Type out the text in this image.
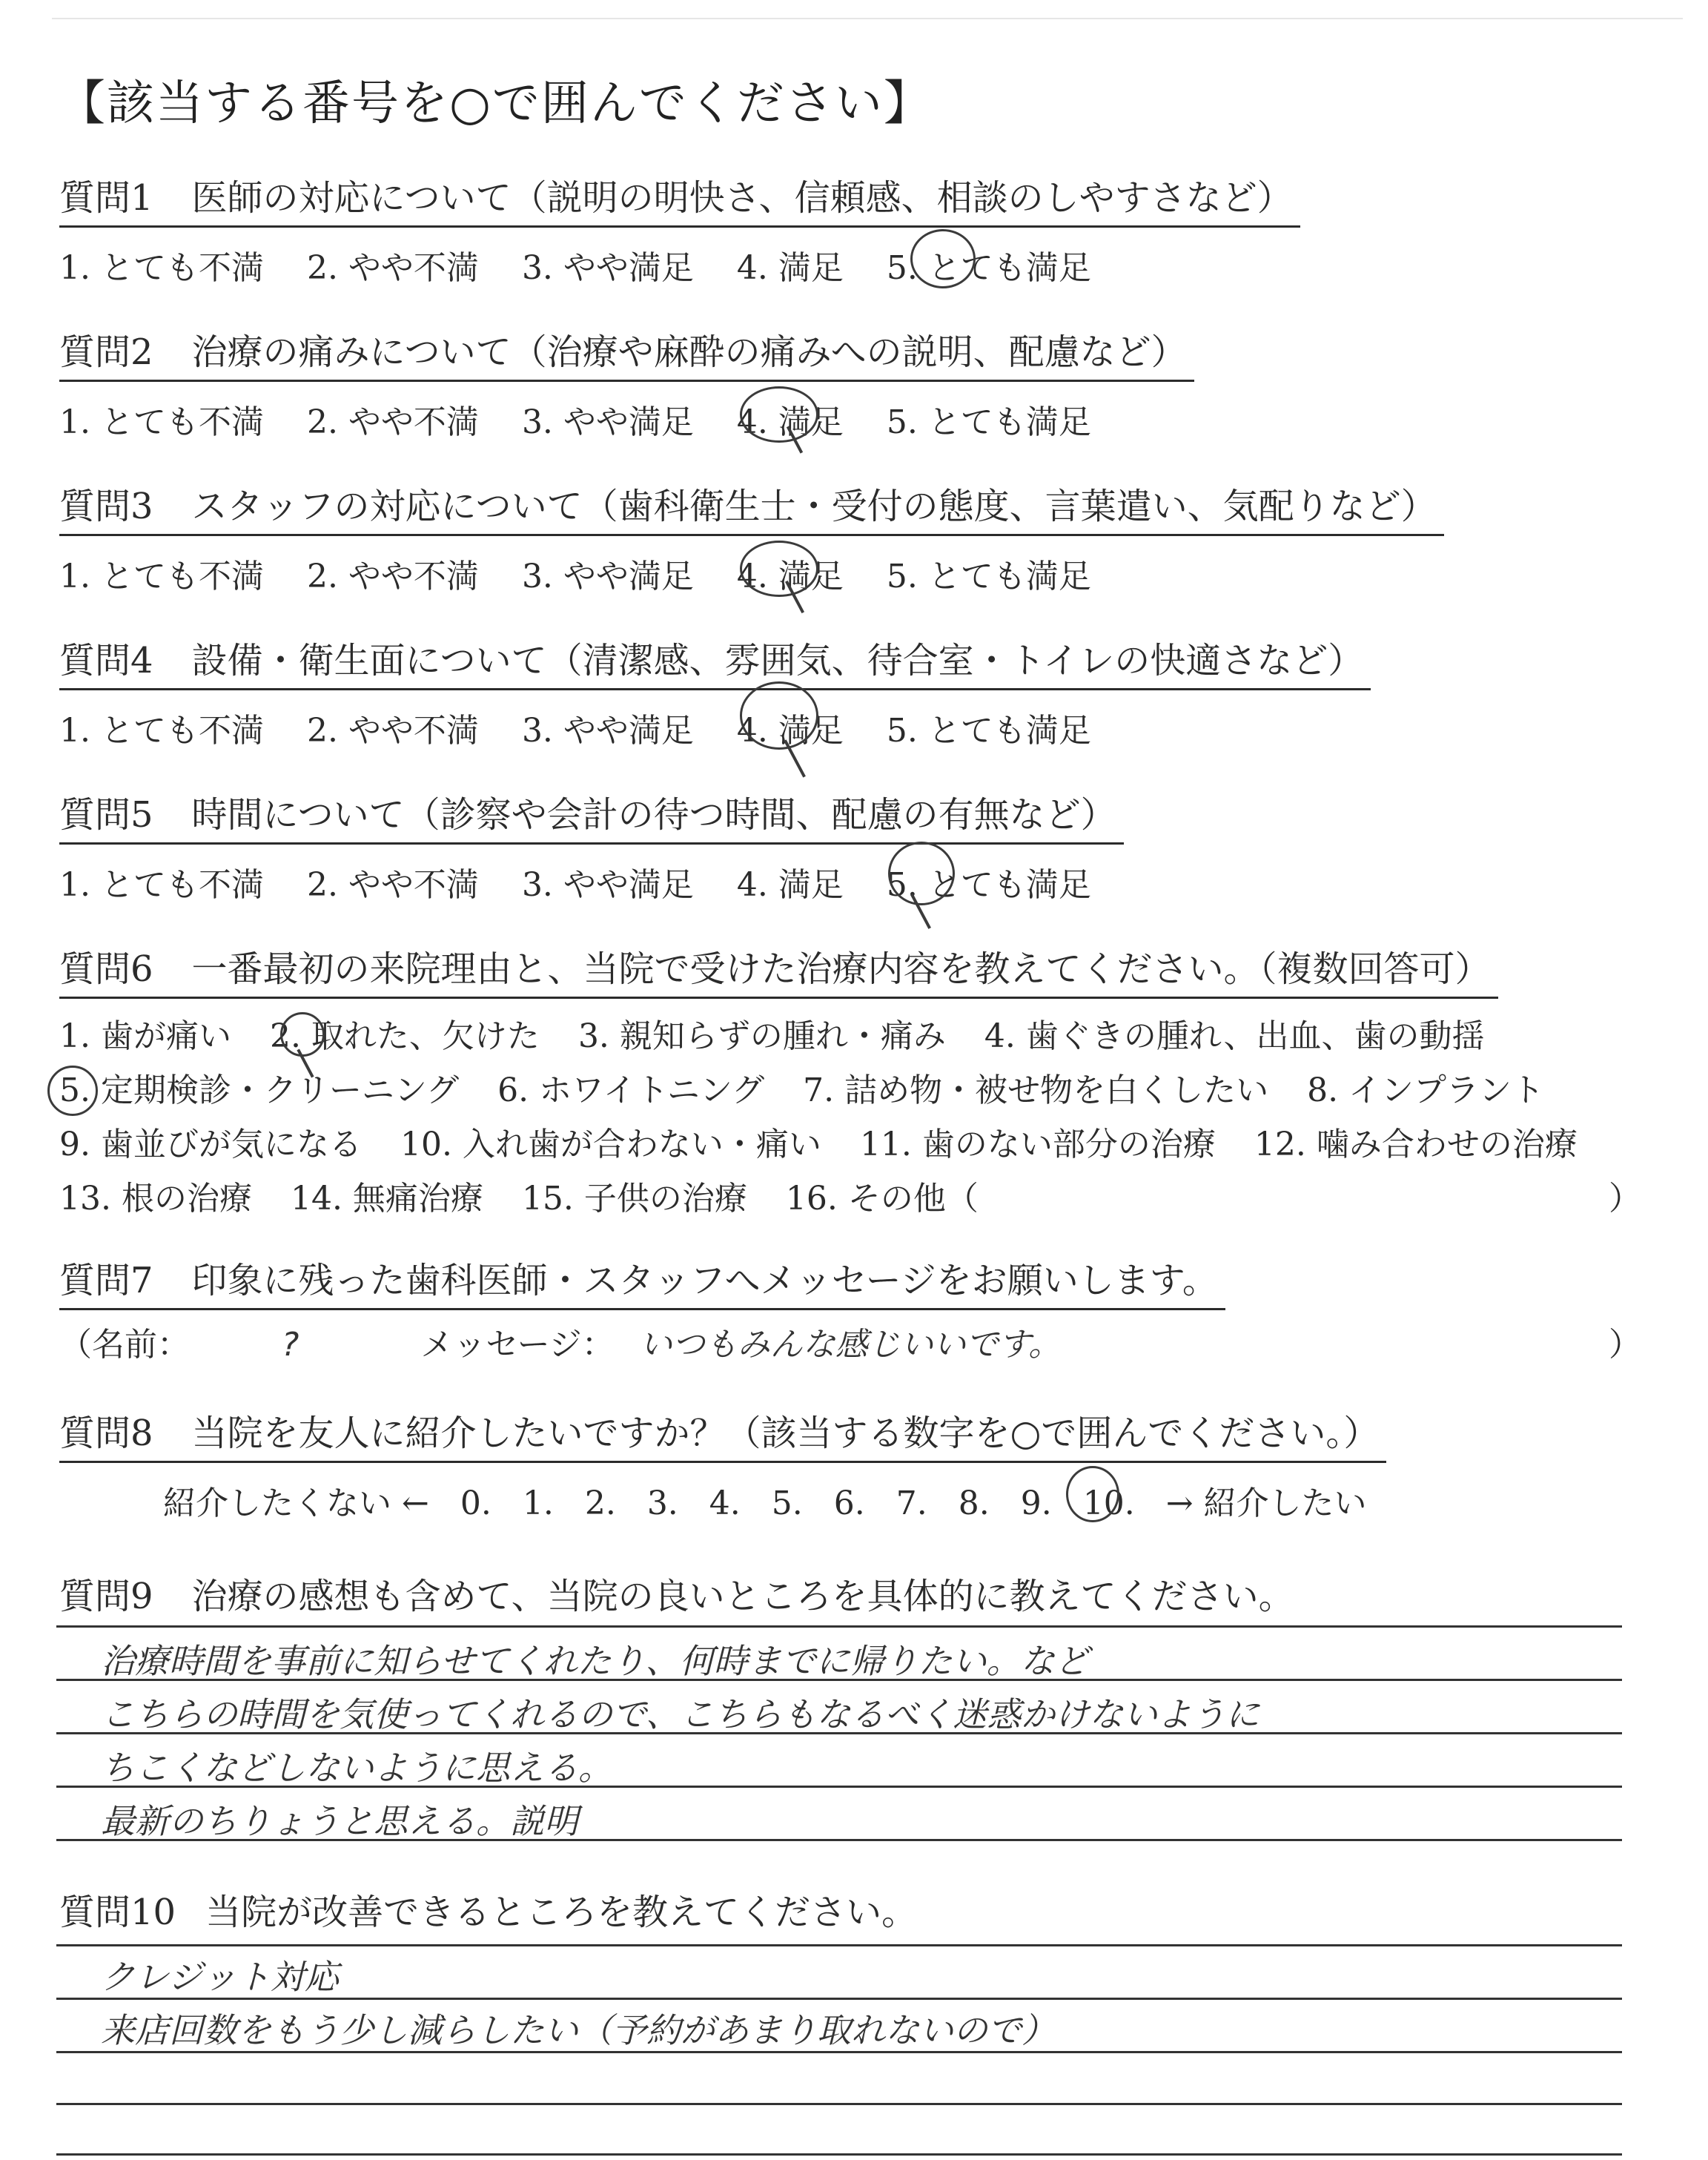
【該当する番号を○で囲んでください】
質問1 医師の対応について（説明の明快さ、信頼感、相談のしやすさなど）
1. とても不満 2. やや不満 3. やや満足 4. 満足 5. とても満足
質問2 治療の痛みについて（治療や麻酔の痛みへの説明、配慮など）
1. とても不満 2. やや不満 3. やや満足 4. 満足 5. とても満足
質問3 スタッフの対応について（歯科衛生士・受付の態度、言葉遣い、気配りなど）
1. とても不満 2. やや不満 3. やや満足 4. 満足 5. とても満足
質問4 設備・衛生面について（清潔感、雰囲気、待合室・トイレの快適さなど）
1. とても不満 2. やや不満 3. やや満足 4. 満足 5. とても満足
質問5 時間について（診察や会計の待つ時間、配慮の有無など）
1. とても不満 2. やや不満 3. やや満足 4. 満足 5. とても満足
質問6 一番最初の来院理由と、当院で受けた治療内容を教えてください。（複数回答可）
1. 歯が痛い 2. 取れた、欠けた 3. 親知らずの腫れ・痛み 4. 歯ぐきの腫れ、出血、歯の動揺
5. 定期検診・クリーニング 6. ホワイトニング 7. 詰め物・被せ物を白くしたい 8. インプラント
9. 歯並びが気になる 10. 入れ歯が合わない・痛い 11. 歯のない部分の治療 12. 噛み合わせの治療
13. 根の治療 14. 無痛治療 15. 子供の治療 16. その他（	）
質問7 印象に残った歯科医師・スタッフへメッセージをお願いします。
（名前：	?	メッセージ： いつもみんな感じいいです。	）
質問8 当院を友人に紹介したいですか？（該当する数字を○で囲んでください。）
紹介したくない ← 0. 1. 2. 3. 4. 5. 6. 7. 8. 9. 10. → 紹介したい
質問9 治療の感想も含めて、当院の良いところを具体的に教えてください。
治療時間を事前に知らせてくれたり、何時までに帰りたい。など
こちらの時間を気使ってくれるので、こちらもなるべく迷惑かけないように
ちこくなどしないように思える。
最新のちりょうと思える。説明
質問10 当院が改善できるところを教えてください。
クレジット対応
来店回数をもう少し減らしたい（予約があまり取れないので）
